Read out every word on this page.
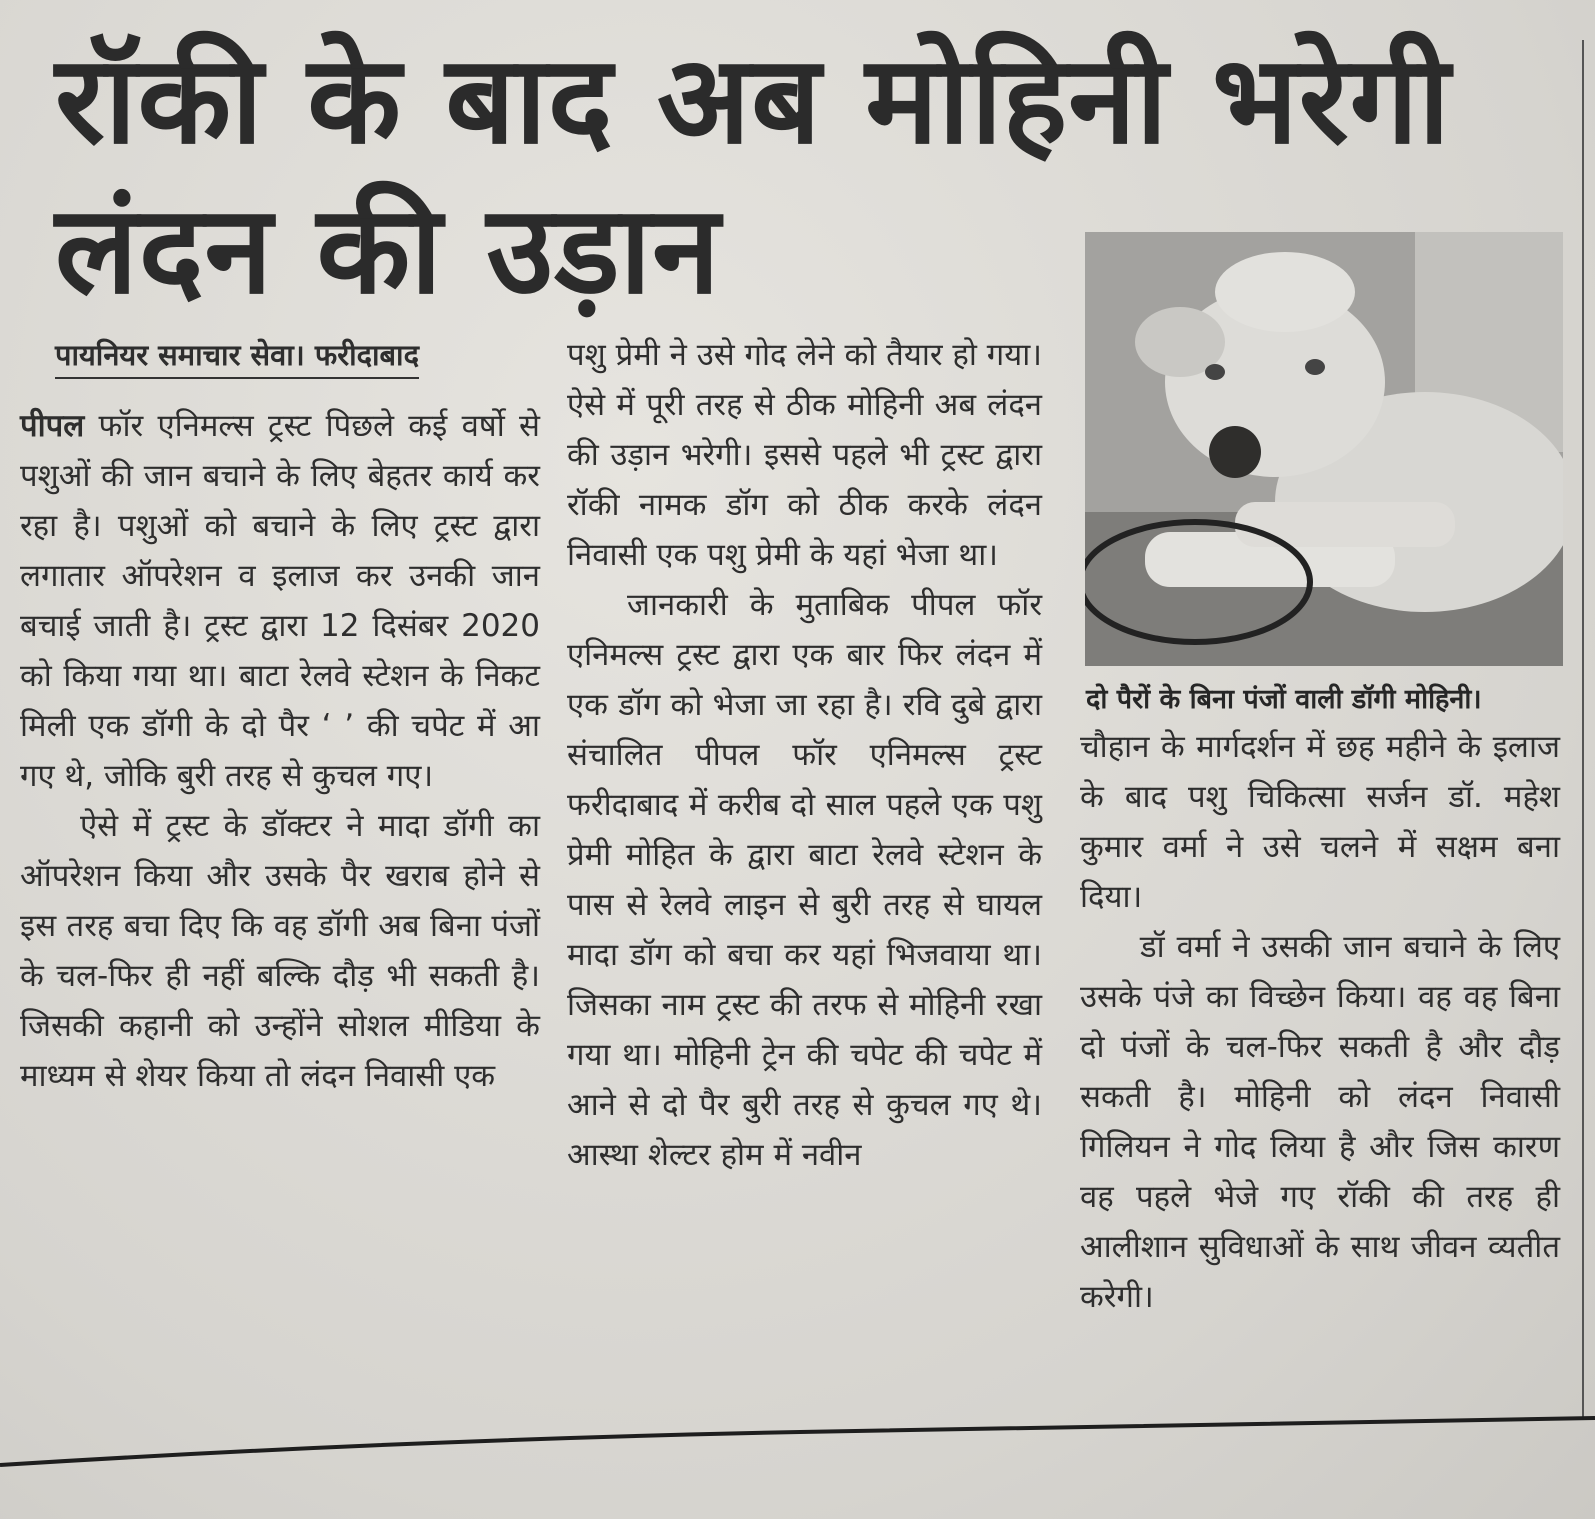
रॉकी के बाद अब मोहिनी भरेगी
लंदन की उड़ान
पायनियर समाचार सेवा। फरीदाबाद

पीपल फॉर एनिमल्स ट्रस्ट पिछले कई वर्षो से पशुओं की जान बचाने के लिए बेहतर कार्य कर रहा है। पशुओं को बचाने के लिए ट्रस्ट द्वारा लगातार ऑपरेशन व इलाज कर उनकी जान बचाई जाती है। ट्रस्ट द्वारा 12 दिसंबर 2020 को किया गया था। बाटा रेलवे स्टेशन के निकट मिली एक डॉगी के दो पैर ‘ ’ की चपेट में आ गए थे, जोकि बुरी तरह से कुचल गए।

ऐसे में ट्रस्ट के डॉक्टर ने मादा डॉगी का ऑपरेशन किया और उसके पैर खराब होने से इस तरह बचा दिए कि वह डॉगी अब बिना पंजों के चल-फिर ही नहीं बल्कि दौड़ भी सकती है। जिसकी कहानी को उन्होंने सोशल मीडिया के माध्यम से शेयर किया तो लंदन निवासी एक

पशु प्रेमी ने उसे गोद लेने को तैयार हो गया। ऐसे में पूरी तरह से ठीक मोहिनी अब लंदन की उड़ान भरेगी। इससे पहले भी ट्रस्ट द्वारा रॉकी नामक डॉग को ठीक करके लंदन निवासी एक पशु प्रेमी के यहां भेजा था।

जानकारी के मुताबिक पीपल फॉर एनिमल्स ट्रस्ट द्वारा एक बार फिर लंदन में एक डॉग को भेजा जा रहा है। रवि दुबे द्वारा संचालित पीपल फॉर एनिमल्स ट्रस्ट फरीदाबाद में करीब दो साल पहले एक पशु प्रेमी मोहित के द्वारा बाटा रेलवे स्टेशन के पास से रेलवे लाइन से बुरी तरह से घायल मादा डॉग को बचा कर यहां भिजवाया था। जिसका नाम ट्रस्ट की तरफ से मोहिनी रखा गया था। मोहिनी ट्रेन की चपेट की चपेट में आने से दो पैर बुरी तरह से कुचल गए थे। आस्था शेल्टर होम में नवीन

दो पैरों के बिना पंजों वाली डॉगी मोहिनी।

चौहान के मार्गदर्शन में छह महीने के इलाज के बाद पशु चिकित्सा सर्जन डॉ. महेश कुमार वर्मा ने उसे चलने में सक्षम बना दिया।

डॉ वर्मा ने उसकी जान बचाने के लिए उसके पंजे का विच्छेन किया। वह वह बिना दो पंजों के चल-फिर सकती है और दौड़ सकती है। मोहिनी को लंदन निवासी गिलियन ने गोद लिया है और जिस कारण वह पहले भेजे गए रॉकी की तरह ही आलीशान सुविधाओं के साथ जीवन व्यतीत करेगी।
